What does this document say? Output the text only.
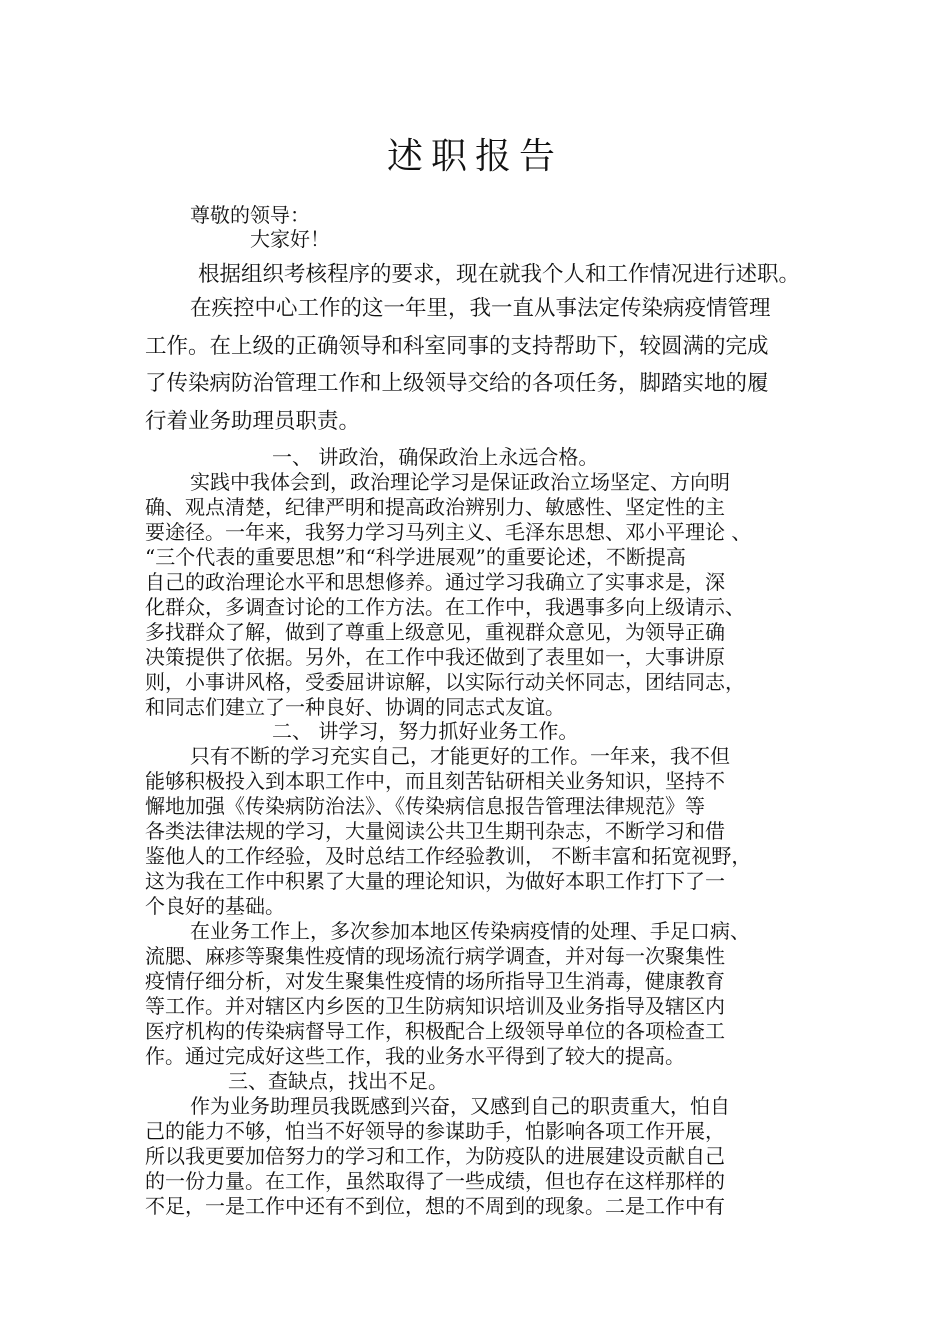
述职报告
尊敬的领导：
大家好！
根据组织考核程序的要求，现在就我个人和工作情况进行述职。
在疾控中心工作的这一年里，我一直从事法定传染病疫情管理
工作。在上级的正确领导和科室同事的支持帮助下，较圆满的完成
了传染病防治管理工作和上级领导交给的各项任务，脚踏实地的履
行着业务助理员职责。
一、 讲政治，确保政治上永远合格。
实践中我体会到，政治理论学习是保证政治立场坚定、方向明
确、观点清楚，纪律严明和提高政治辨别力、敏感性、坚定性的主
要途径。一年来，我努力学习马列主义、毛泽东思想、邓小平理论 、
“三个代表的重要思想”和“科学进展观”的重要论述，不断提高
自己的政治理论水平和思想修养。通过学习我确立了实事求是，深
化群众，多调查讨论的工作方法。在工作中，我遇事多向上级请示、
多找群众了解，做到了尊重上级意见，重视群众意见，为领导正确
决策提供了依据。另外，在工作中我还做到了表里如一，大事讲原
则，小事讲风格，受委屈讲谅解，以实际行动关怀同志，团结同志，
和同志们建立了一种良好、协调的同志式友谊。
二、 讲学习，努力抓好业务工作。
只有不断的学习充实自己，才能更好的工作。一年来，我不但
能够积极投入到本职工作中，而且刻苦钻研相关业务知识，坚持不
懈地加强《传染病防治法》、《传染病信息报告管理法律规范》等
各类法律法规的学习，大量阅读公共卫生期刊杂志，不断学习和借
鉴他人的工作经验，及时总结工作经验教训， 不断丰富和拓宽视野，
这为我在工作中积累了大量的理论知识，为做好本职工作打下了一
个良好的基础。
在业务工作上，多次参加本地区传染病疫情的处理、手足口病、
流腮、麻疹等聚集性疫情的现场流行病学调查，并对每一次聚集性
疫情仔细分析，对发生聚集性疫情的场所指导卫生消毒，健康教育
等工作。并对辖区内乡医的卫生防病知识培训及业务指导及辖区内
医疗机构的传染病督导工作，积极配合上级领导单位的各项检查工
作。通过完成好这些工作，我的业务水平得到了较大的提高。
三、查缺点，找出不足。
作为业务助理员我既感到兴奋，又感到自己的职责重大，怕自
己的能力不够，怕当不好领导的参谋助手，怕影响各项工作开展，
所以我更要加倍努力的学习和工作，为防疫队的进展建设贡献自己
的一份力量。在工作，虽然取得了一些成绩，但也存在这样那样的
不足，一是工作中还有不到位，想的不周到的现象。二是工作中有
